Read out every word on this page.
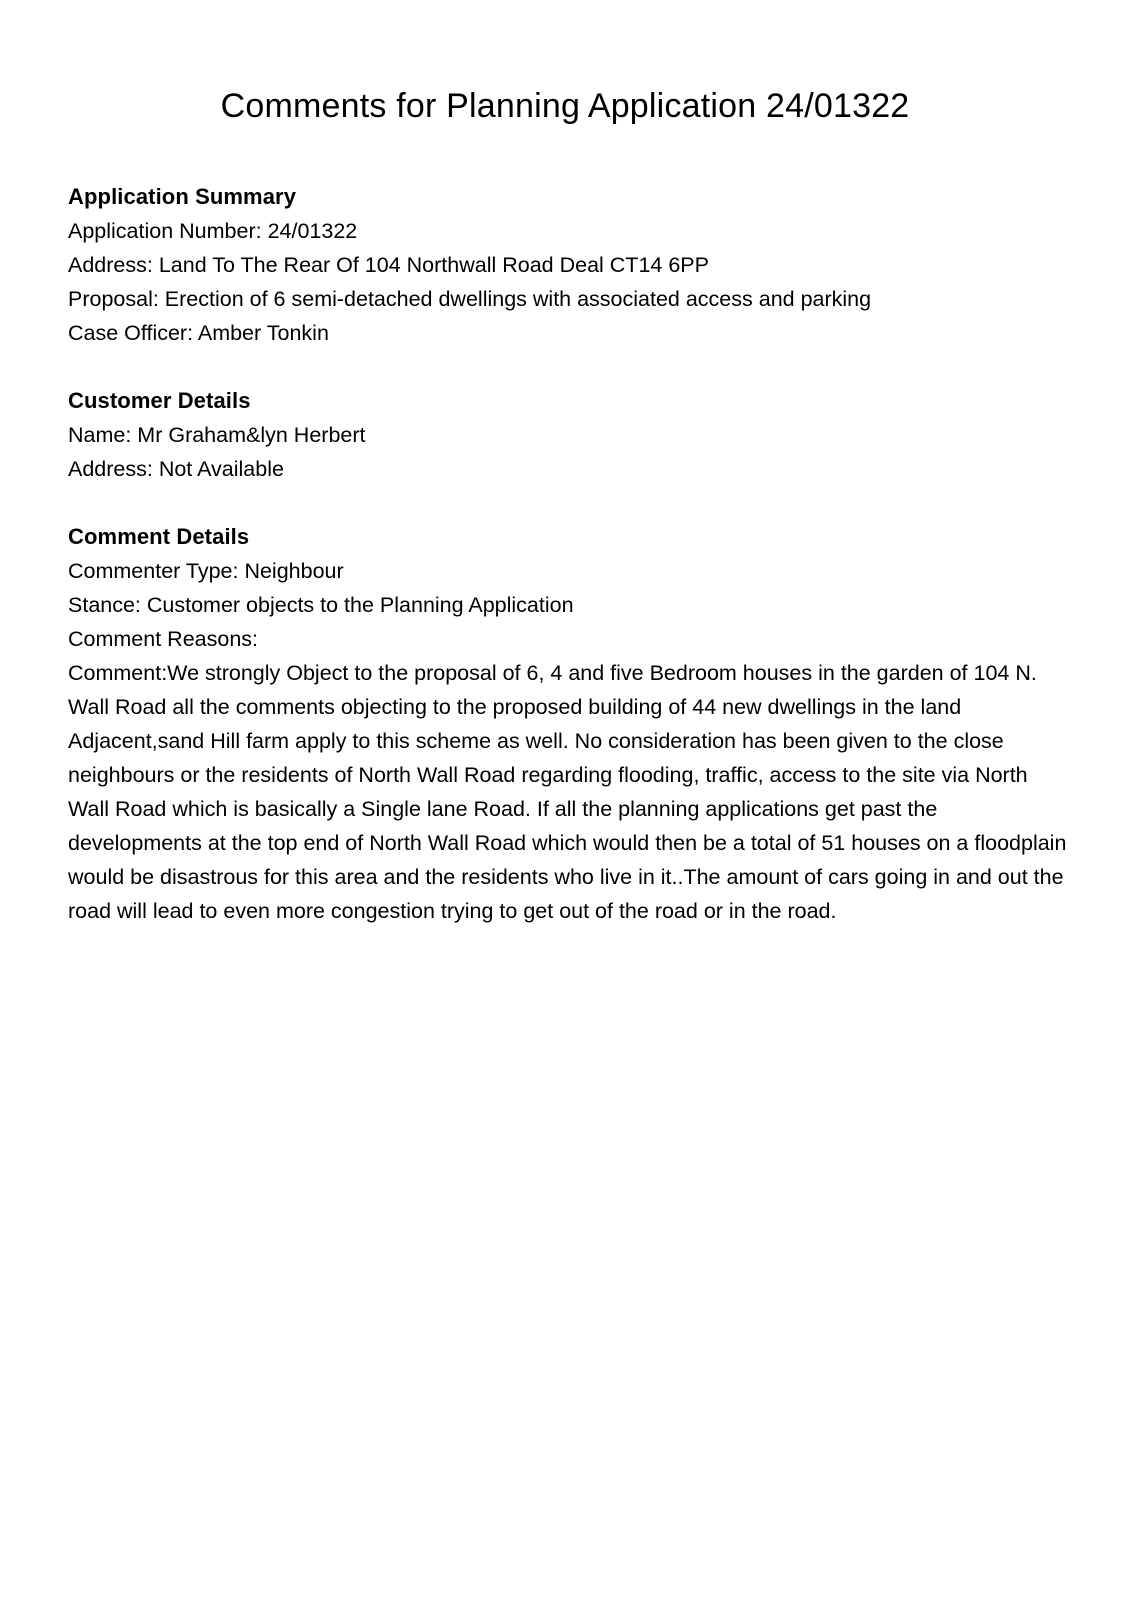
Comments for Planning Application 24/01322

Application Summary

Application Number: 24/01322

Address: Land To The Rear Of 104 Northwall Road Deal CT14 6PP

Proposal: Erection of 6 semi-detached dwellings with associated access and parking

Case Officer: Amber Tonkin

Customer Details

Name: Mr Graham&lyn Herbert

Address: Not Available

Comment Details

Commenter Type: Neighbour

Stance: Customer objects to the Planning Application

Comment Reasons:

Comment:We strongly Object to the proposal of 6, 4 and five Bedroom houses in the garden of 104 N. Wall Road all the comments objecting to the proposed building of 44 new dwellings in the land Adjacent,sand Hill farm apply to this scheme as well. No consideration has been given to the close neighbours or the residents of North Wall Road regarding flooding, traffic, access to the site via North Wall Road which is basically a Single lane Road. If all the planning applications get past the developments at the top end of North Wall Road which would then be a total of 51 houses on a floodplain would be disastrous for this area and the residents who live in it..The amount of cars going in and out the road will lead to even more congestion trying to get out of the road or in the road.
